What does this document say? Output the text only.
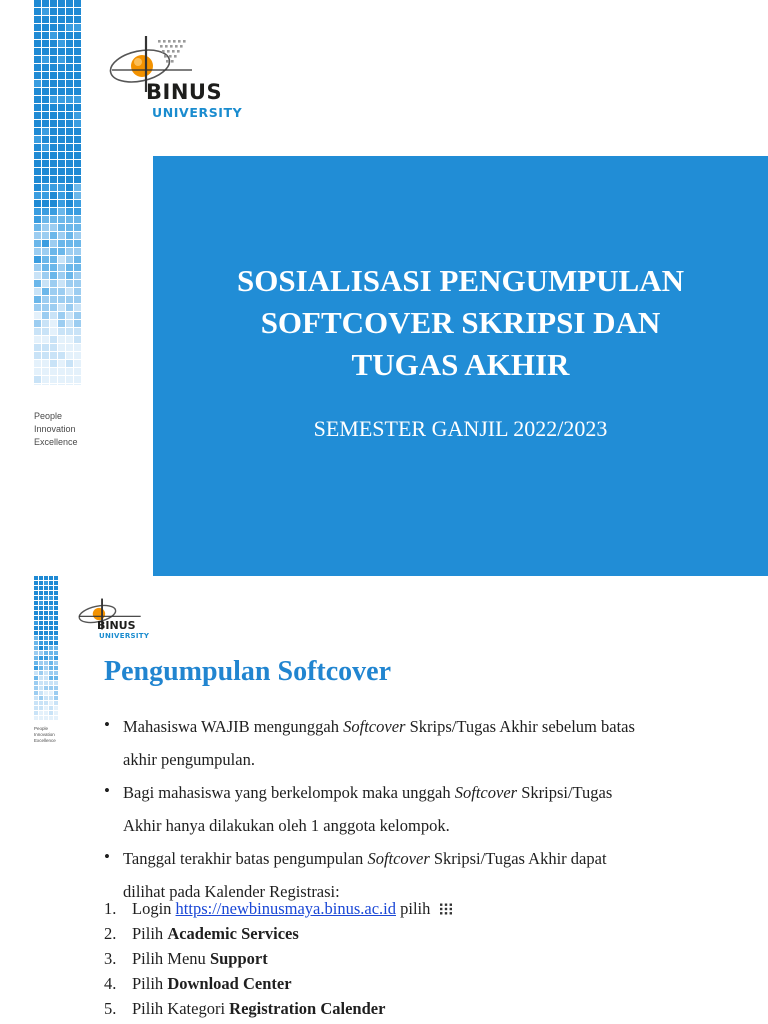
BINUS
UNIVERSITY
People
Innovation
Excellence
SOSIALISASI PENGUMPULAN
SOFTCOVER SKRIPSI DAN
TUGAS AKHIR
SEMESTER GANJIL 2022/2023
BINUS
UNIVERSITY
People
Innovation
Excellence
Pengumpulan Softcover
• Mahasiswa WAJIB mengunggah Softcover Skrips/Tugas Akhir sebelum batas
akhir pengumpulan.
• Bagi mahasiswa yang berkelompok maka unggah Softcover Skripsi/Tugas
Akhir hanya dilakukan oleh 1 anggota kelompok.
• Tanggal terakhir batas pengumpulan Softcover Skripsi/Tugas Akhir dapat
dilihat pada Kalender Registrasi:
1. Login https://newbinusmaya.binus.ac.id pilih
2. Pilih Academic Services
3. Pilih Menu Support
4. Pilih Download Center
5. Pilih Kategori Registration Calender
